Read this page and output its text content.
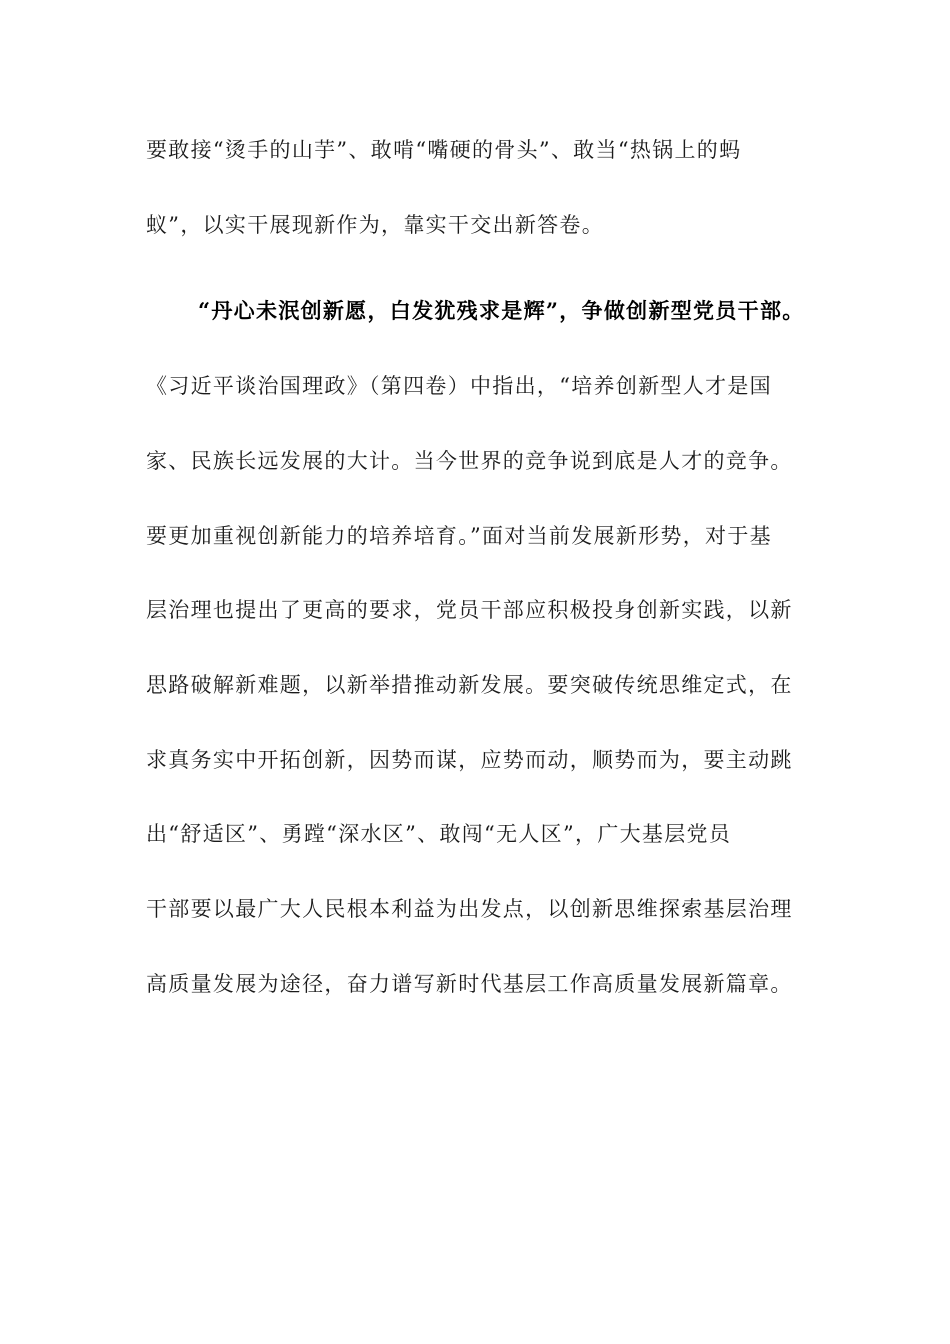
要敢接“烫手的山芋”、敢啃“嘴硬的骨头”、敢当“热锅上的蚂
蚁”，以实干展现新作为，靠实干交出新答卷。
“丹心未泯创新愿，白发犹残求是辉”，争做创新型党员干部。
《习近平谈治国理政》（第四卷）中指出，“培养创新型人才是国
家、民族长远发展的大计。当今世界的竞争说到底是人才的竞争。
要更加重视创新能力的培养培育。”面对当前发展新形势，对于基
层治理也提出了更高的要求，党员干部应积极投身创新实践，以新
思路破解新难题，以新举措推动新发展。要突破传统思维定式，在
求真务实中开拓创新，因势而谋，应势而动，顺势而为，要主动跳
出“舒适区”、勇蹚“深水区”、敢闯“无人区”，广大基层党员
干部要以最广大人民根本利益为出发点，以创新思维探索基层治理
高质量发展为途径，奋力谱写新时代基层工作高质量发展新篇章。
